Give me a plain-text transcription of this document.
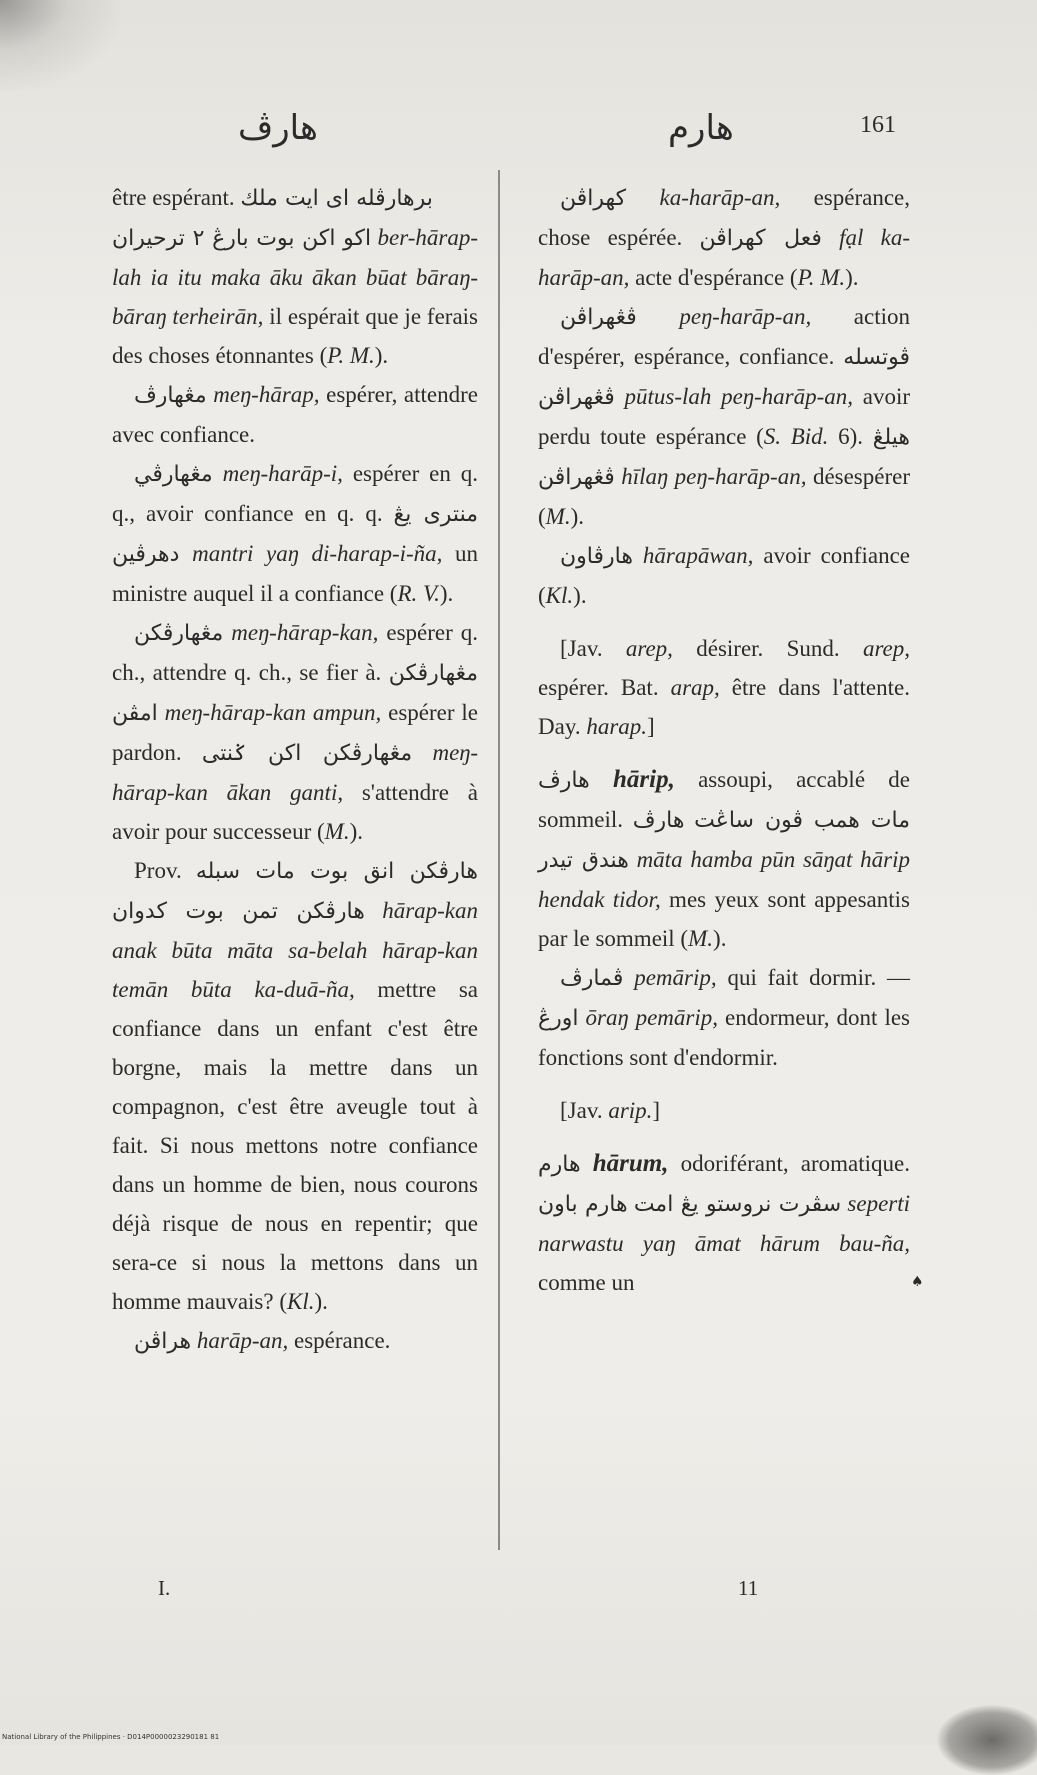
هارڤ	هارم	161
être espérant. برهارڤله اى ايت ملك
اكو اكن بوت بارڠ ٢ ترحيران ber-hārap-lah ia itu maka āku ākan būat bāraŋ-bāraŋ terheirān, il espérait que je ferais des choses étonnantes (P. M.).
مڠهارڤ meŋ-hārap, espérer, attendre avec confiance.
مڠهارڤي meŋ-harāp-i, espérer en q. q., avoir confiance en q. q. منترى يڠ دهرڤين mantri yaŋ di-harap-i-ña, un ministre auquel il a confiance (R. V.).
مڠهارڤكن meŋ-hārap-kan, espérer q. ch., attendre q. ch., se fier à. مڠهارڤكن امڤن meŋ-hārap-kan ampun, espérer le pardon. مڠهارڤكن اكن ݢنتى meŋ-hārap-kan ākan ganti, s'attendre à avoir pour successeur (M.).
Prov. هارڤكن انق بوت مات سبله هارڤكن تمن بوت كدوان hārap-kan anak būta māta sa-belah hārap-kan temān būta ka-duā-ña, mettre sa confiance dans un enfant c'est être borgne, mais la mettre dans un compagnon, c'est être aveugle tout à fait. Si nous mettons notre confiance dans un homme de bien, nous courons déjà risque de nous en repentir; que sera-ce si nous la mettons dans un homme mauvais? (Kl.).
هراڤن harāp-an, espérance.
كهراڤن ka-harāp-an, espérance, chose espérée. فعل كهراڤن fạl ka-harāp-an, acte d'espérance (P. M.).
ڤڠهراڤن peŋ-harāp-an, action d'espérer, espérance, confiance. ڤوتسله ڤڠهراڤن pūtus-lah peŋ-harāp-an, avoir perdu toute espérance (S. Bid. 6). هيلڠ ڤڠهراڤن hīlaŋ peŋ-harāp-an, désespérer (M.).
هارڤاون hārapāwan, avoir confiance (Kl.).
[Jav. arep, désirer. Sund. arep, espérer. Bat. arap, être dans l'attente. Day. harap.]
هارڤ hārip, assoupi, accablé de sommeil.	مات همب ڤون ساڠت هارڤ هندق تيدر māta hamba pūn sāŋat hārip hendak tidor, mes yeux sont appesantis par le sommeil (M.).
ڤمارڤ pemārip, qui fait dormir. — اورڠ ōraŋ pemārip, endormeur, dont les fonctions sont d'endormir.
[Jav. arip.]
هارم hārum, odoriférant, aromatique. سڤرت نروستو يڠ امت هارم باون	seperti narwastu yaŋ āmat hārum bau-ña, comme un
I.	11
♠
National Library of the Philippines · D014P0000023290181 81
